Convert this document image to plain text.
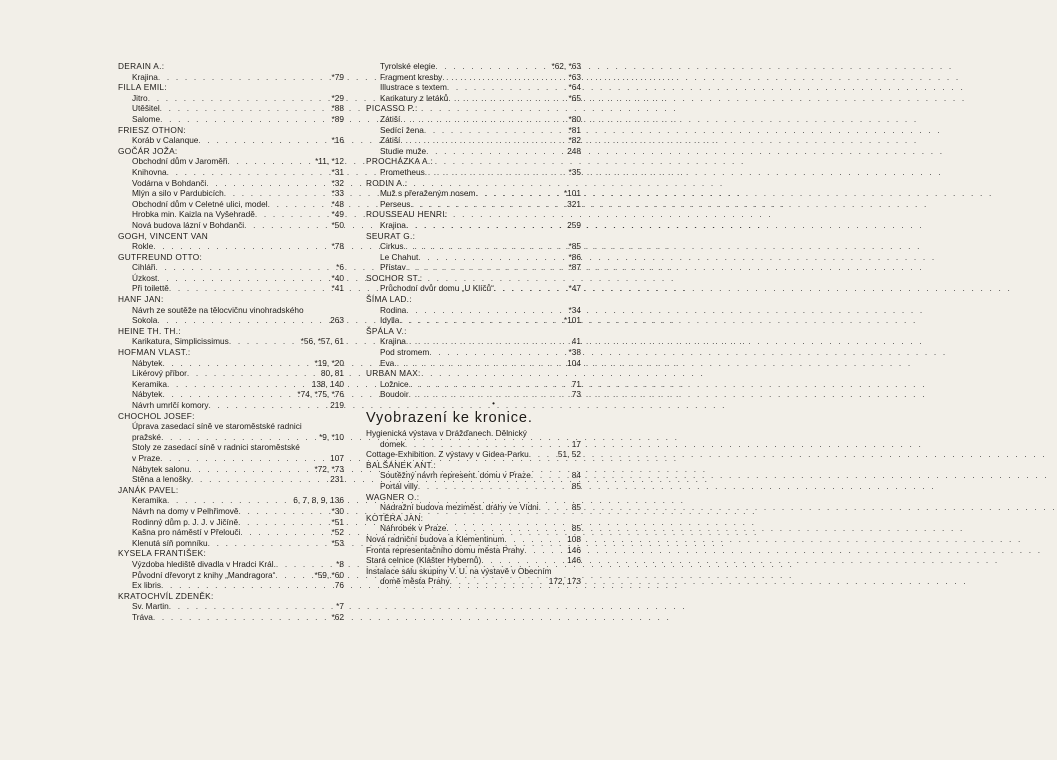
DERAIN A.:
Krajina . . .	*79
FILLA EMIL:
Jitro . . .	*29
Utěšitel . . .	*88
Salome . . .	*89
FRIESZ OTHON:
Koráb v Calanque . . .	*16
GOČÁR JOŽA:
Obchodní dům v Jaroměři . . .	*11, *12
Knihovna . . .	*31
Vodárna v Bohdanči . . .	*32
Mlýn a silo v Pardubicích . . .	*33
Obchodní dům v Celetné ulici, model . . .	*48
Hrobka min. Kaizla na Vyšehradě . . .	*49
Nová budova lázní v Bohdanči . . .	*50
GOGH, VINCENT VAN
Rokle . . .	*78
GUTFREUND OTTO:
Cihláři . . .	*6
Úzkost . . .	*40
Při toilettě . . .	*41
HANF JAN:
Návrh ze soutěže na tělocvičnu vinohradského
Sokola . . .	263
HEINE TH. TH.:
Karikatura, Simplicissimus . . .	*56, *57, 61
HOFMAN VLAST.:
Nábytek . . .	*19, *20
Likérový příbor . . .	80, 81
Keramika . . .	138, 140
Nábytek . . .	*74, *75, *76
Návrh umrlčí komory . . .	219
CHOCHOL JOSEF:
Úprava zasedací síně ve staroměstské radnici
pražské . . .	*9, *10
Stoly ze zasedací síně v radnici staroměstské
v Praze . . .	107
Nábytek salonu . . .	*72, *73
Stěna a lenošky . . .	231
JANÁK PAVEL:
Keramika . . .	6, 7, 8, 9, 136
Návrh na domy v Pelhřimově . . .	*30
Rodinný dům p. J. J. v Jičíně . . .	*51
Kašna pro náměstí v Přelouči . . .	*52
Klenutá síň pomníku . . .	*53
KYSELA FRANTIŠEK:
Výzdoba hlediště divadla v Hradci Král. . . .	*8
Původní dřevoryt z knihy „Mandragora“ . . .	*59, *60
Ex libris . . .	76
KRATOCHVÍL ZDENĚK:
Sv. Martin . . .	*7
Tráva . . .	*62
Tyrolské elegie . . .	*62, *63
Fragment kresby . . .	*63
Illustrace s textem . . .	*64
Karikatury z letáků . . .	*65
PICASSO P.:
Zátiší . . .	*80
Sedící žena . . .	*81
Zátiší . . .	*82
Studie muže . . .	248
PROCHÁZKA A.:
Prometheus . . .	*35
RODIN A.:
Muž s přeraženým nosem . . .	*101
Perseus . . .	321
ROUSSEAU HENRI:
Krajina . . .	259
SEURAT G.:
Cirkus . . .	*85
Le Chahut . . .	*86
Přístav . . .	*87
SOCHOR ST.:
Průchodní dvůr domu „U Klíčů“ . . .	*47
ŠÍMA LAD.:
Rodina . . .	*34
Idylla . . .	*101
ŠPÁLA V.:
Krajina . . .	41
Pod stromem . . .	*38
Eva . . .	104
URBAN MAX:
Ložnice . . .	71
Boudoir . . .	73
•
Vyobrazení ke kronice.
Hygienická výstava v Drážďanech. Dělnický
domek . . .	17
Cottage-Exhibition. Z výstavy v Gidea-Parku . . .	51, 52
BALŠÁNEK ANT.:
Soutěžný návrh represent. domu v Praze . . .	84
Portál villy . . .	85
WAGNER O.:
Nádražní budova meziměst. dráhy ve Vídni . . .	85
KOTĚRA JAN:
Náhrobek v Praze . . .	85
Nová radniční budova a Klementinum . . .	108
Fronta representačního domu města Prahy . . .	146
Stará celnice (Klášter Hybernů) . . .	146
Instalace sálu skupiny V. U. na výstavě v Obecním
domě města Prahy . . .	172, 173
